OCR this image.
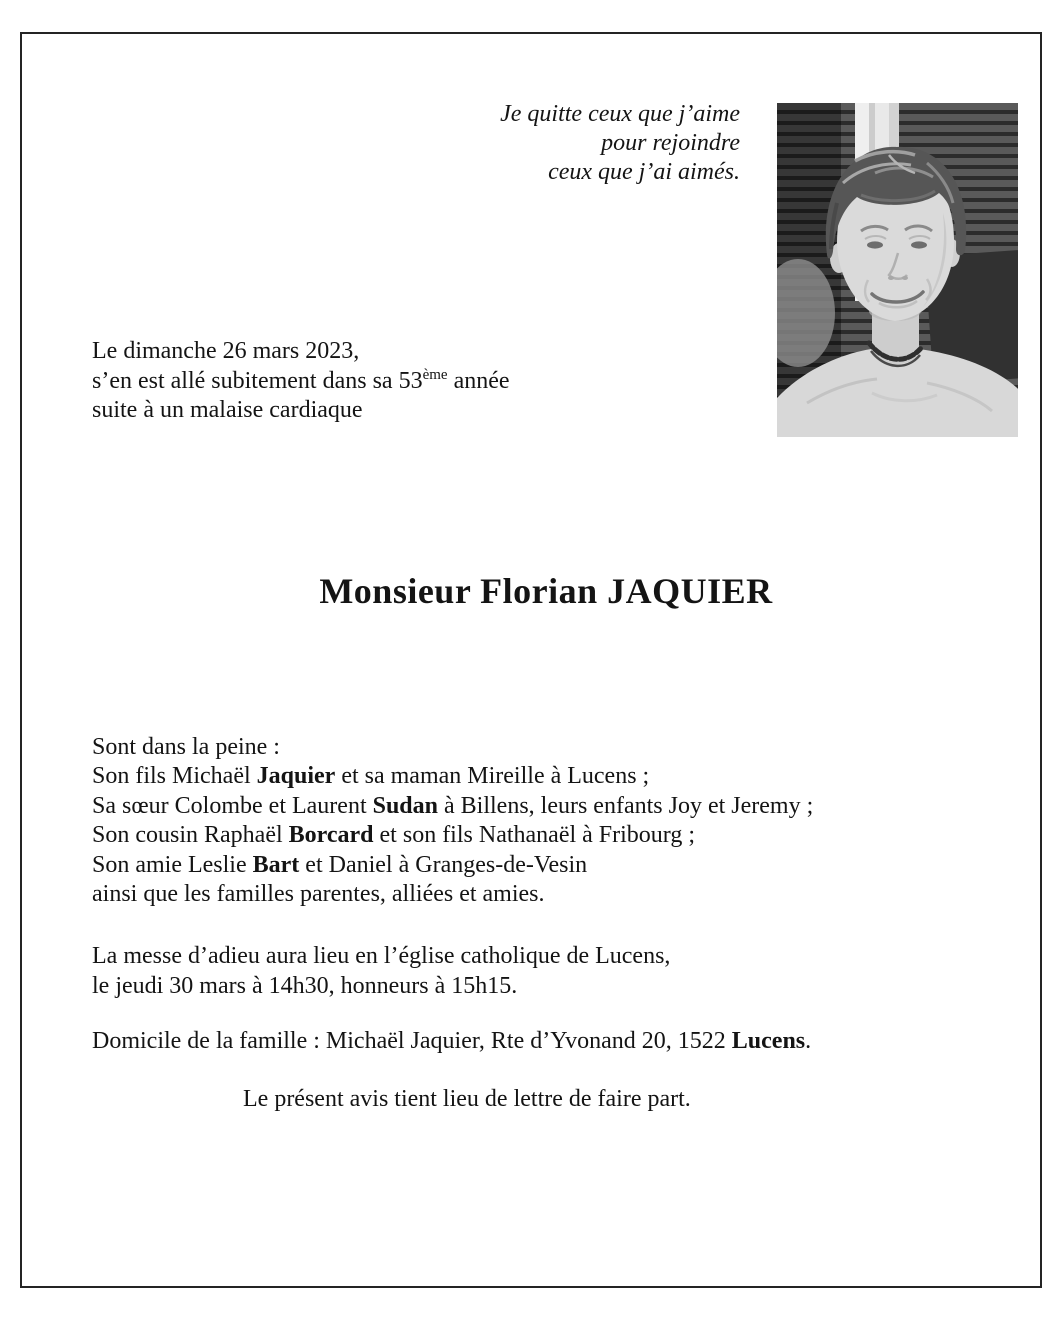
Je quitte ceux que j’aime
pour rejoindre
ceux que j’ai aimés.
Le dimanche 26 mars 2023,
s’en est allé subitement dans sa 53ème année
suite à un malaise cardiaque
Monsieur Florian JAQUIER
Sont dans la peine :
Son fils Michaël Jaquier et sa maman Mireille à Lucens ;
Sa sœur Colombe et Laurent Sudan à Billens, leurs enfants Joy et Jeremy ;
Son cousin Raphaël Borcard et son fils Nathanaël à Fribourg ;
Son amie Leslie Bart et Daniel à Granges-de-Vesin
ainsi que les familles parentes, alliées et amies.
La messe d’adieu aura lieu en l’église catholique de Lucens,
le jeudi 30 mars à 14h30, honneurs à 15h15.
Domicile de la famille : Michaël Jaquier, Rte d’Yvonand 20, 1522 Lucens.
Le présent avis tient lieu de lettre de faire part.
